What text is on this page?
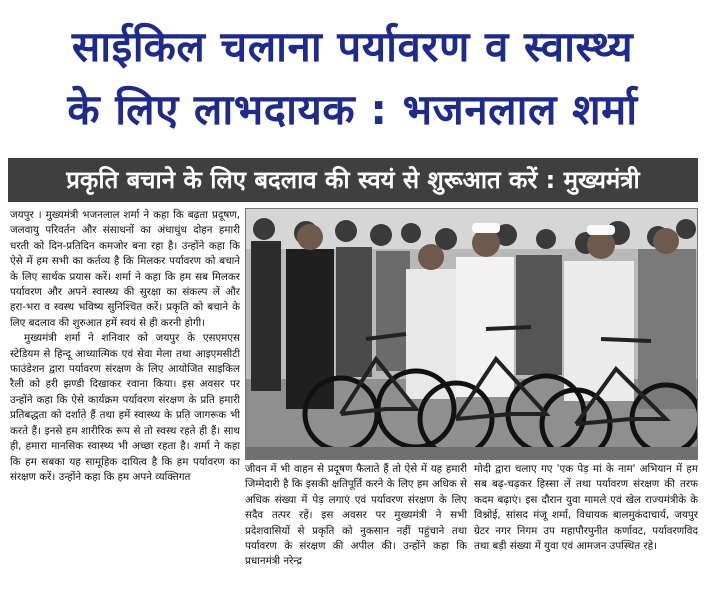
साईकिल चलाना पर्यावरण व स्वास्थ्य
के लिए लाभदायक : भजनलाल शर्मा
प्रकृति बचाने के लिए बदलाव की स्वयं से शुरूआत करें : मुख्यमंत्री

जयपुर । मुख्यमंत्री भजनलाल शर्मा ने कहा कि बढ़ता प्रदूषण, जलवायु परिवर्तन और संसाधनों का अंधाधुंध दोहन हमारी धरती को दिन-प्रतिदिन कमजोर बना रहा है। उन्होंने कहा कि ऐसे में हम सभी का कर्तव्य है कि मिलकर पर्यावरण को बचाने के लिए सार्थक प्रयास करें। शर्मा ने कहा कि हम सब मिलकर पर्यावरण और अपने स्वास्थ्य की सुरक्षा का संकल्प लें और हरा-भरा व स्वस्थ भविष्य सुनिश्चित करें। प्रकृति को बचाने के लिए बदलाव की शुरुआत हमें स्वयं से ही करनी होगी।

मुख्यमंत्री शर्मा ने शनिवार को जयपुर के एसएमएस स्टेडियम से हिन्दू आध्यात्मिक एवं सेवा मेला तथा आइएमसीटी फाउंडेशन द्वारा पर्यावरण संरक्षण के लिए आयोजित साइकिल रैली को हरी झण्डी दिखाकर रवाना किया। इस अवसर पर उन्होंने कहा कि ऐसे कार्यक्रम पर्यावरण संरक्षण के प्रति हमारी प्रतिबद्धता को दर्शाते हैं तथा हमें स्वास्थ्य के प्रति जागरूक भी करते हैं। इनसे हम शारीरिक रूप से तो स्वस्थ रहते ही हैं। साथ ही, हमारा मानसिक स्वास्थ्य भी अच्छा रहता है। शर्मा ने कहा कि हम सबका यह सामूहिक दायित्व है कि हम पर्यावरण का संरक्षण करें। उन्होंने कहा कि हम अपने व्यक्तिगत

जीवन में भी वाहन से प्रदूषण फैलाते हैं तो ऐसे में यह हमारी जिम्मेदारी है कि इसकी क्षतिपूर्ति करने के लिए हम अधिक से अधिक संख्या में पेड़ लगाएं एवं पर्यावरण संरक्षण के लिए सदैव तत्पर रहें। इस अवसर पर मुख्यमंत्री ने सभी प्रदेशवासियों से प्रकृति को नुकसान नहीं पहुंचाने तथा पर्यावरण के संरक्षण की अपील की। उन्होंने कहा कि प्रधानमंत्री नरेन्द्र
मोदी द्वारा चलाए गए 'एक पेड़ मां के नाम' अभियान में हम सब बढ़-चढ़कर हिस्सा लें तथा पर्यावरण संरक्षण की तरफ कदम बढ़ाएं। इस दौरान युवा मामले एवं खेल राज्यमंत्रीके के विश्नोई, सांसद मंजू शर्मा, विधायक बालमुकंदाचार्य, जयपुर ग्रेटर नगर निगम उप महापौरपुनीत कर्णावट, पर्यावरणविद तथा बड़ी संख्या में युवा एवं आमजन उपस्थित रहे।
